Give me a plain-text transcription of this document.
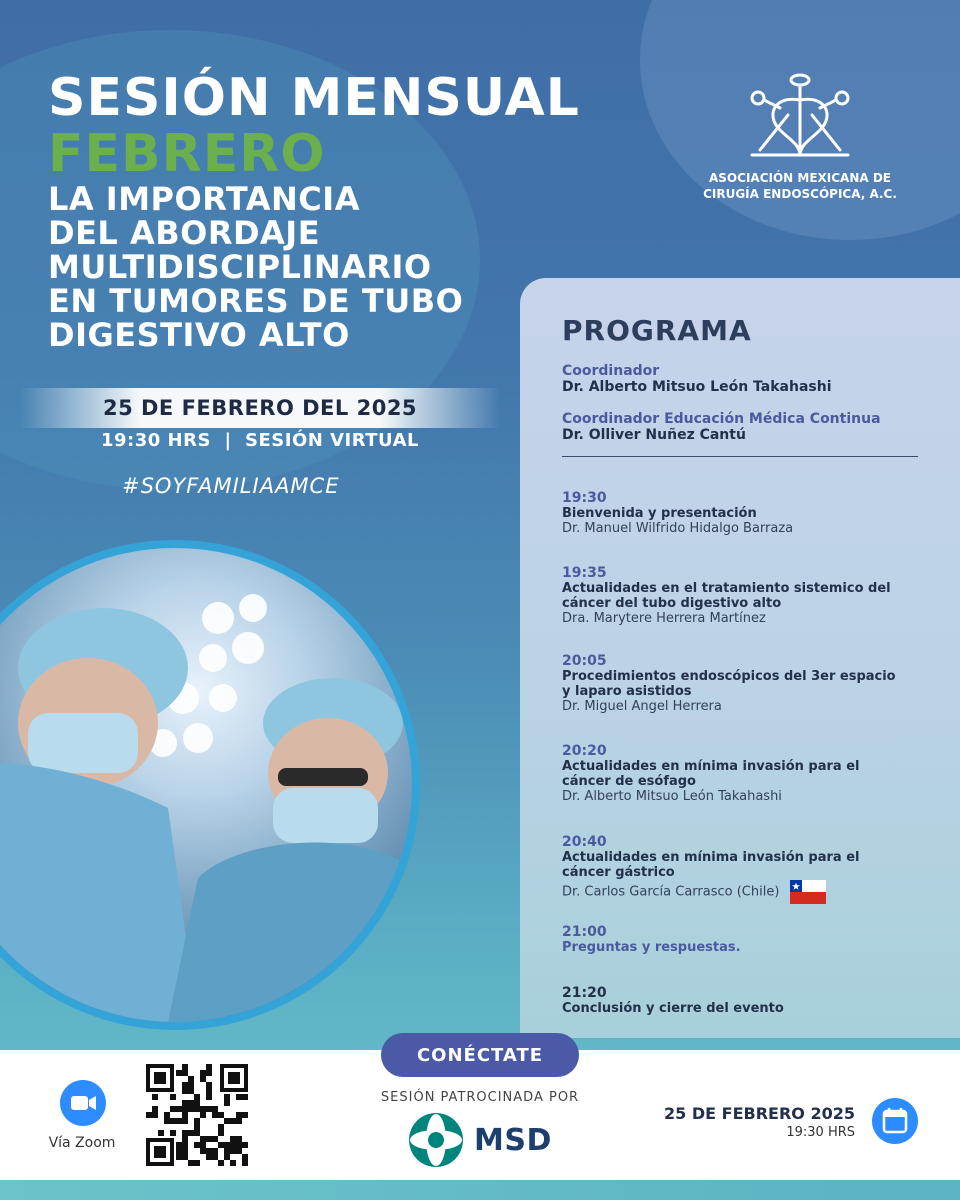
SESIÓN MENSUAL
FEBRERO
LA IMPORTANCIA
DEL ABORDAJE
MULTIDISCIPLINARIO
EN TUMORES DE TUBO
DIGESTIVO ALTO
ASOCIACIÓN MEXICANA DE
CIRUGÍA ENDOSCÓPICA, A.C.
25 DE FEBRERO DEL 2025
19:30 HRS  |  SESIÓN VIRTUAL
#SOYFAMILIAAMCE
PROGRAMA
Coordinador
Dr. Alberto Mitsuo León Takahashi
Coordinador Educación Médica Continua
Dr. Olliver Nuñez Cantú
19:30
Bienvenida y presentación
Dr. Manuel Wilfrido Hidalgo Barraza
19:35
Actualidades en el tratamiento sistemico del
cáncer del tubo digestivo alto
Dra. Marytere Herrera Martínez
20:05
Procedimientos endoscópicos del 3er espacio
y laparo asistidos
Dr. Miguel Angel Herrera
20:20
Actualidades en mínima invasión para el
cáncer de esófago
Dr. Alberto Mitsuo León Takahashi
20:40
Actualidades en mínima invasión para el
cáncer gástrico
Dr. Carlos García Carrasco (Chile)
21:00
Preguntas y respuestas.
21:20
Conclusión y cierre del evento
CONÉCTATE
Vía Zoom
SESIÓN PATROCINADA POR
MSD
25 DE FEBRERO 2025
19:30 HRS
